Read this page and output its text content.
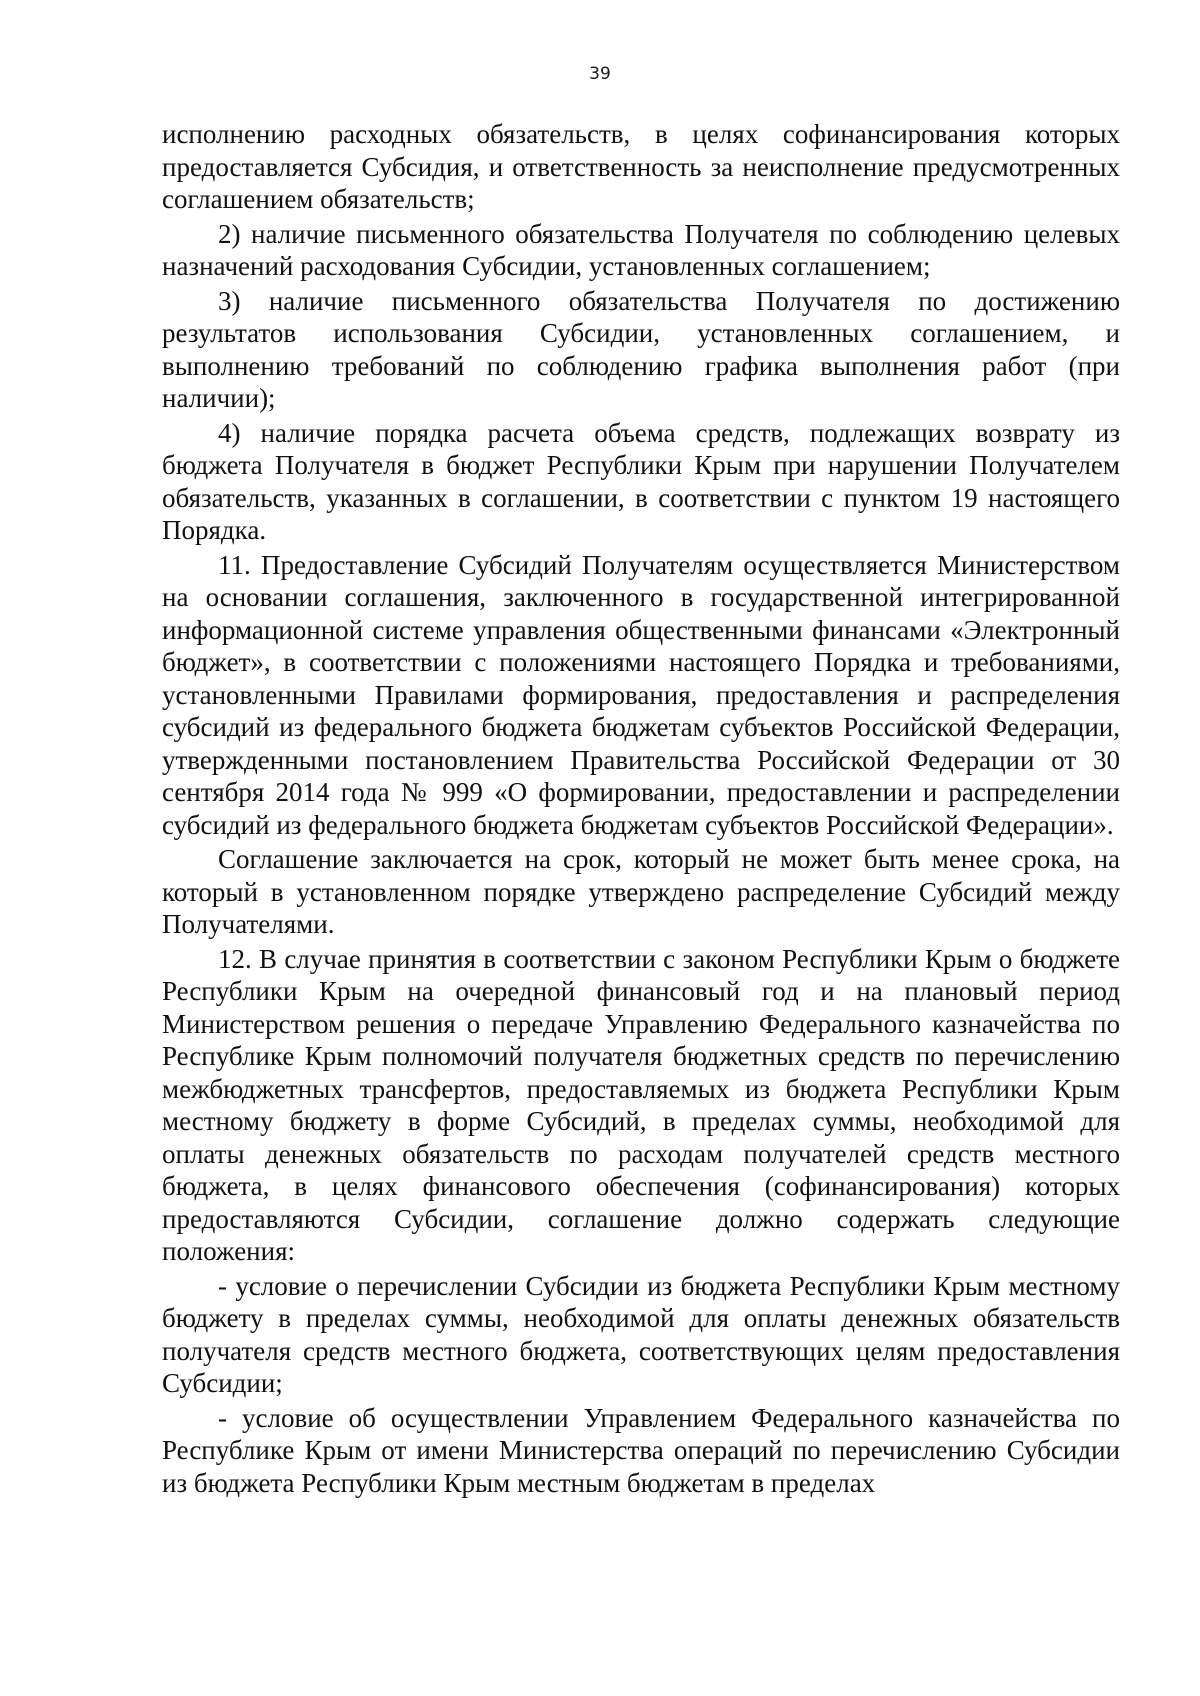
39

исполнению расходных обязательств, в целях софинансирования которых предоставляется Субсидия, и ответственность за неисполнение предусмотренных соглашением обязательств;

2) наличие письменного обязательства Получателя по соблюдению целевых назначений расходования Субсидии, установленных соглашением;

3) наличие письменного обязательства Получателя по достижению результатов использования Субсидии, установленных соглашением, и выполнению требований по соблюдению графика выполнения работ (при наличии);

4) наличие порядка расчета объема средств, подлежащих возврату из бюджета Получателя в бюджет Республики Крым при нарушении Получателем обязательств, указанных в соглашении, в соответствии с пунктом 19 настоящего Порядка.

11. Предоставление Субсидий Получателям осуществляется Министерством на основании соглашения, заключенного в государственной интегрированной информационной системе управления общественными финансами «Электронный бюджет», в соответствии с положениями настоящего Порядка и требованиями, установленными Правилами формирования, предоставления и распределения субсидий из федерального бюджета бюджетам субъектов Российской Федерации, утвержденными постановлением Правительства Российской Федерации от 30 сентября 2014 года № 999 «О формировании, предоставлении и распределении субсидий из федерального бюджета бюджетам субъектов Российской Федерации».

Соглашение заключается на срок, который не может быть менее срока, на который в установленном порядке утверждено распределение Субсидий между Получателями.

12. В случае принятия в соответствии с законом Республики Крым о бюджете Республики Крым на очередной финансовый год и на плановый период Министерством решения о передаче Управлению Федерального казначейства по Республике Крым полномочий получателя бюджетных средств по перечислению межбюджетных трансфертов, предоставляемых из бюджета Республики Крым местному бюджету в форме Субсидий, в пределах суммы, необходимой для оплаты денежных обязательств по расходам получателей средств местного бюджета, в целях финансового обеспечения (софинансирования) которых предоставляются Субсидии, соглашение должно содержать следующие положения:

- условие о перечислении Субсидии из бюджета Республики Крым местному бюджету в пределах суммы, необходимой для оплаты денежных обязательств получателя средств местного бюджета, соответствующих целям предоставления Субсидии;

- условие об осуществлении Управлением Федерального казначейства по Республике Крым от имени Министерства операций по перечислению Субсидии из бюджета Республики Крым местным бюджетам в пределах
